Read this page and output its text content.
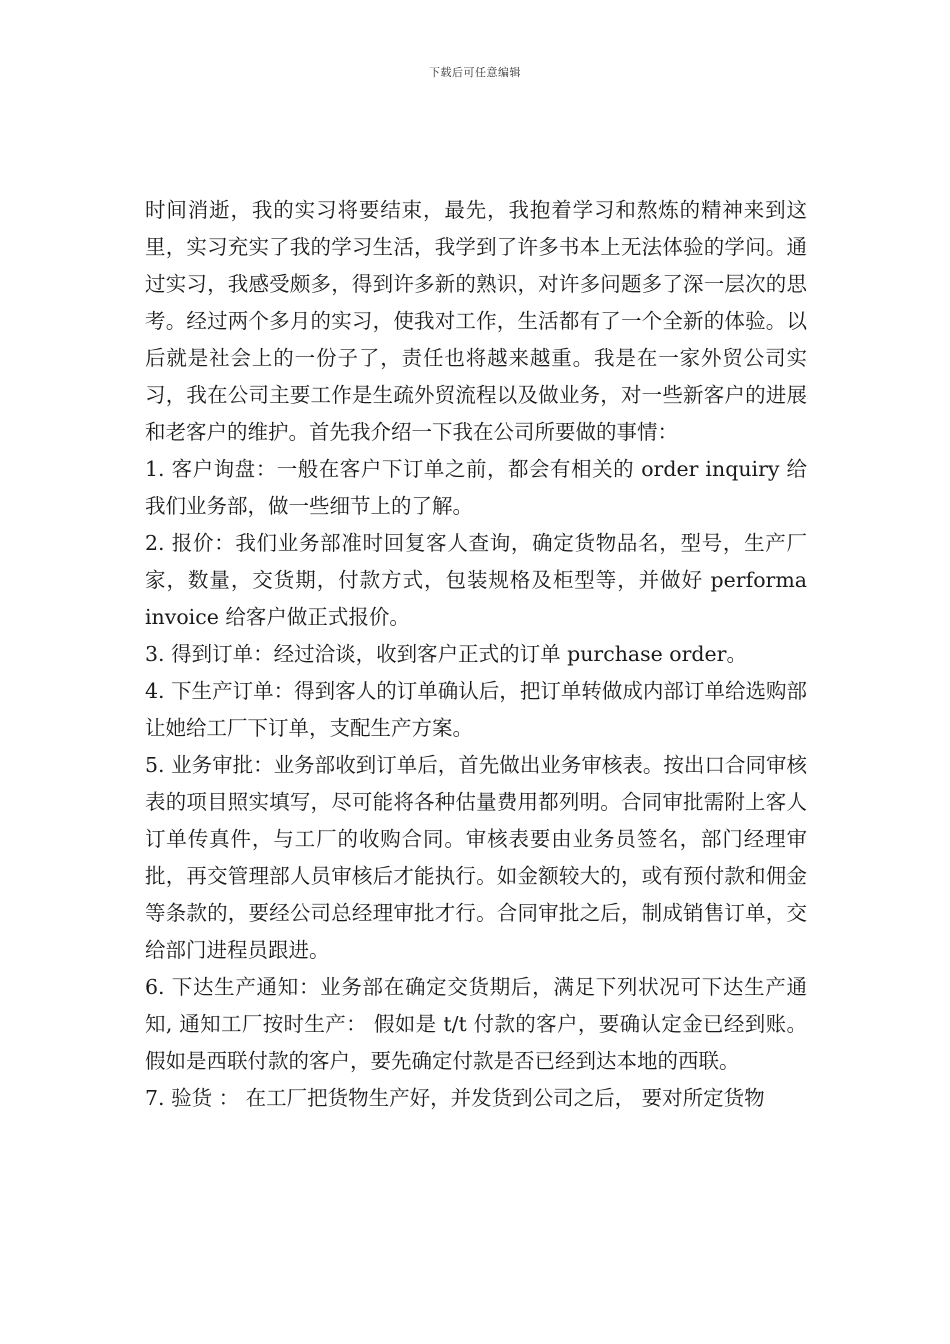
下载后可任意编辑

时间消逝，我的实习将要结束，最先，我抱着学习和熬炼的精神来到这里，实习充实了我的学习生活，我学到了许多书本上无法体验的学问。通过实习，我感受颇多，得到许多新的熟识，对许多问题多了深一层次的思考。经过两个多月的实习，使我对工作，生活都有了一个全新的体验。以后就是社会上的一份子了，责任也将越来越重。我是在一家外贸公司实习，我在公司主要工作是生疏外贸流程以及做业务，对一些新客户的进展和老客户的维护。首先我介绍一下我在公司所要做的事情：

1. 客户询盘：一般在客户下订单之前，都会有相关的 order inquiry 给我们业务部，做一些细节上的了解。

2. 报价：我们业务部准时回复客人查询，确定货物品名，型号，生产厂家，数量，交货期，付款方式，包装规格及柜型等，并做好 performa invoice 给客户做正式报价。

3. 得到订单：经过洽谈，收到客户正式的订单 purchase order。

4. 下生产订单：得到客人的订单确认后，把订单转做成内部订单给选购部让她给工厂下订单，支配生产方案。

5. 业务审批：业务部收到订单后，首先做出业务审核表。按出口合同审核表的项目照实填写，尽可能将各种估量费用都列明。合同审批需附上客人订单传真件，与工厂的收购合同。审核表要由业务员签名，部门经理审批，再交管理部人员审核后才能执行。如金额较大的，或有预付款和佣金等条款的，要经公司总经理审批才行。合同审批之后，制成销售订单，交给部门进程员跟进。

6. 下达生产通知：业务部在确定交货期后，满足下列状况可下达生产通知, 通知工厂按时生产： 假如是 t/t 付款的客户，要确认定金已经到账。 假如是西联付款的客户，要先确定付款是否已经到达本地的西联。

7. 验货 ： 在工厂把货物生产好，并发货到公司之后， 要对所定货物
